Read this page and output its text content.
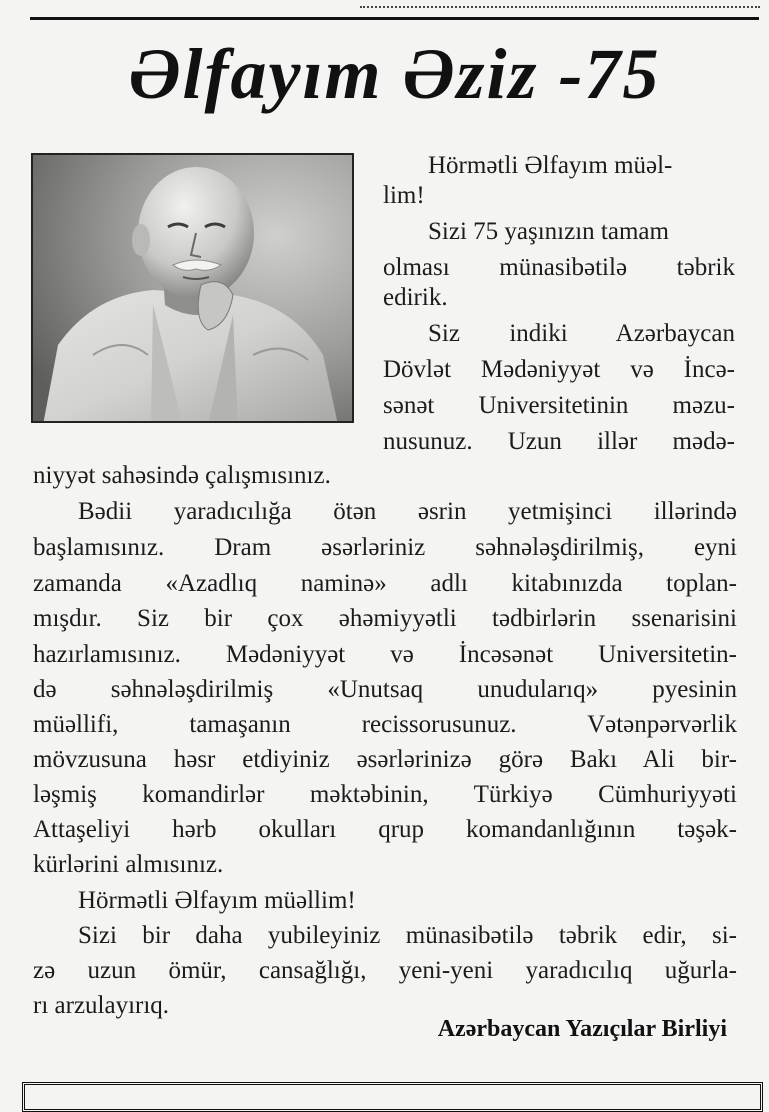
Əlfayım Əziz -75

Hörmətli Əlfayım müəl-

lim!

Sizi 75 yaşınızın tamam

olması münasibətilə təbrik

edirik.

Siz indiki Azərbaycan

Dövlət Mədəniyyət və İncə-

sənət Universitetinin məzu-

nusunuz. Uzun illər mədə-

niyyət sahəsində çalışmısınız.

Bədii yaradıcılığa ötən əsrin yetmişinci illərində

başlamısınız. Dram əsərləriniz səhnələşdirilmiş, eyni

zamanda «Azadlıq naminə» adlı kitabınızda toplan-

mışdır. Siz bir çox əhəmiyyətli tədbirlərin ssenarisini

hazırlamısınız. Mədəniyyət və İncəsənət Universitetin-

də səhnələşdirilmiş «Unutsaq unudularıq» pyesinin

müəllifi, tamaşanın recissorusunuz. Vətənpərvərlik

mövzusuna həsr etdiyiniz əsərlərinizə görə Bakı Ali bir-

ləşmiş komandirlər məktəbinin, Türkiyə Cümhuriyyəti

Attaşeliyi hərb okulları qrup komandanlığının təşək-

kürlərini almısınız.

Hörmətli Əlfayım müəllim!

Sizi bir daha yubileyiniz münasibətilə təbrik edir, si-

zə uzun ömür, cansağlığı, yeni-yeni yaradıcılıq uğurla-

rı arzulayırıq.

Azərbaycan Yazıçılar Birliyi
